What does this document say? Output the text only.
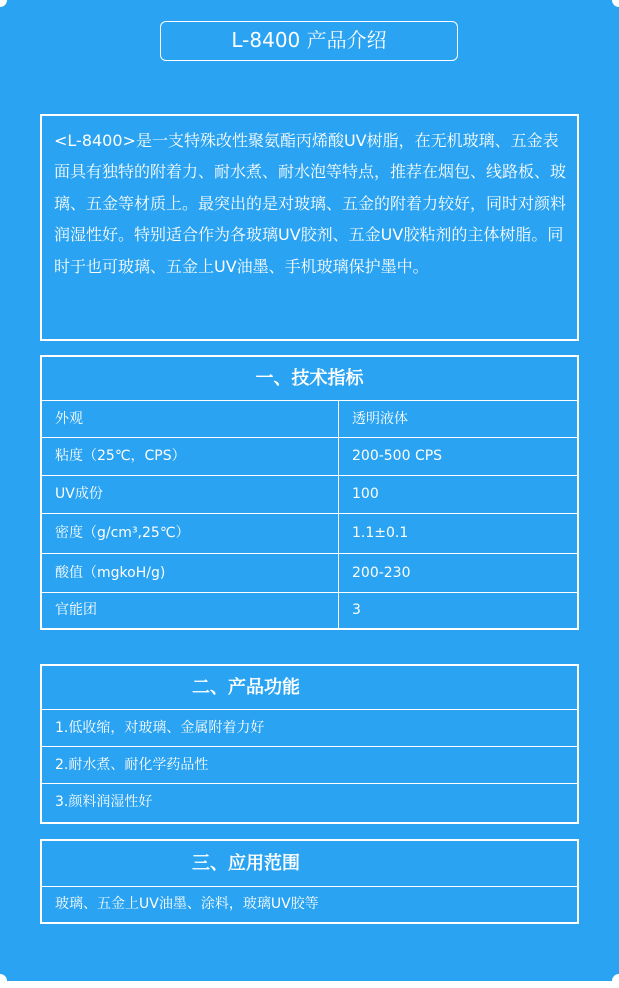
L-8400 产品介绍
<L-8400>是一支特殊改性聚氨酯丙烯酸UV树脂，在无机玻璃、五金表面具有独特的附着力、耐水煮、耐水泡等特点，推荐在烟包、线路板、玻璃、五金等材质上。最突出的是对玻璃、五金的附着力较好，同时对颜料润湿性好。特别适合作为各玻璃UV胶剂、五金UV胶粘剂的主体树脂。同时于也可玻璃、五金上UV油墨、手机玻璃保护墨中。
一、技术指标
外观	透明液体
粘度（25℃，CPS）	200-500 CPS
UV成份	100
密度（g/cm³,25℃）	1.1±0.1
酸值（mgkoH/g)	200-230
官能团	3
二、产品功能
1.低收缩，对玻璃、金属附着力好
2.耐水煮、耐化学药品性
3.颜料润湿性好
三、应用范围
玻璃、五金上UV油墨、涂料，玻璃UV胶等
